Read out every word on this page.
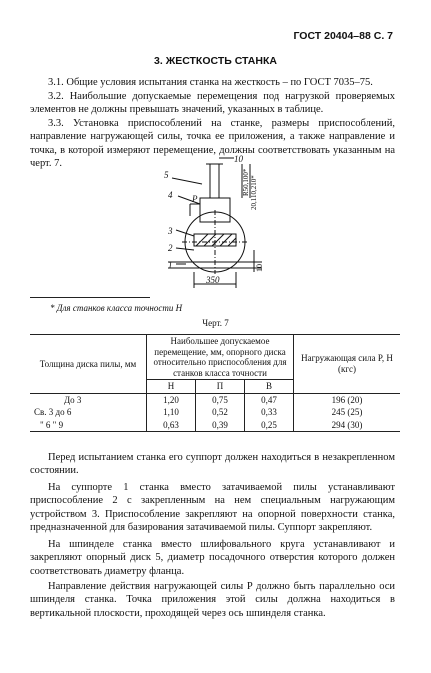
ГОСТ 20404–88 С. 7
3. ЖЕСТКОСТЬ СТАНКА

3.1. Общие условия испытания станка на жесткость – по ГОСТ 7035–75.

3.2. Наибольшие допускаемые перемещения под нагрузкой проверяемых элементов не должны превышать значений, указанных в таблице.

3.3. Установка приспособлений на станке, размеры приспособлений, направление нагружающей силы, точка ее приложения, а также направление и точка, в которой измеряют перемещение, должны соответствовать указанным на черт. 7.

5
4
3
2
1
10
350
P
R50,100* 20,110,210*
10
* Для станков класса точности Н
Черт. 7
Толщина диска пилы, мм	Наибольшее допускаемое перемещение, мм, опорного диска относительно приспособления для станков класса точности			Нагружающая сила P, Н (кгс)
	Н	П	В	
До 3	1,20	0,75	0,47	196 (20)
Св. 3 до 6	1,10	0,52	0,33	245 (25)
" 6 " 9	0,63	0,39	0,25	294 (30)

Перед испытанием станка его суппорт должен находиться в незакрепленном состоянии.

На суппорте 1 станка вместо затачиваемой пилы устанавливают приспособление 2 с закрепленным на нем специальным нагружающим устройством 3. Приспособление закрепляют на опорной поверхности станка, предназначенной для базирования затачиваемой пилы. Суппорт закрепляют.

На шпинделе станка вместо шлифовального круга устанавливают и закрепляют опорный диск 5, диаметр посадочного отверстия которого должен соответствовать диаметру фланца.

Направление действия нагружающей силы P должно быть параллельно оси шпинделя станка. Точка приложения этой силы должна находиться в вертикальной плоскости, проходящей через ось шпинделя станка.
